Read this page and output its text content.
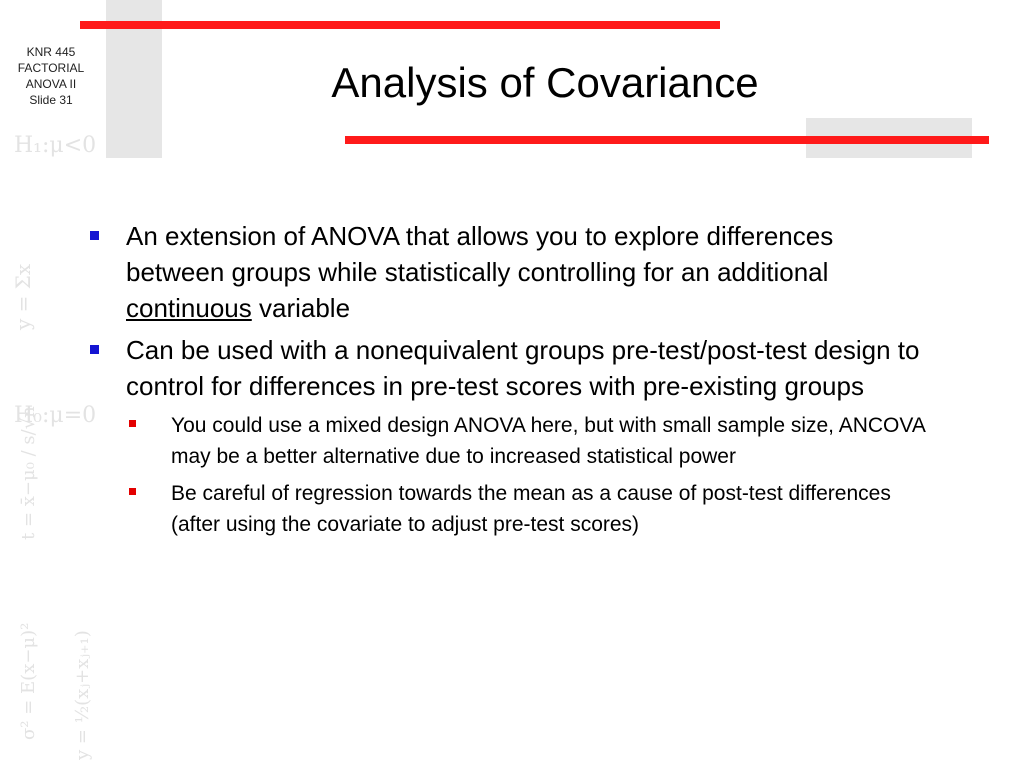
H₁:μ<0
y = Σx
H₀:μ=0
t = x̄−μ₀ / s/√n
σ² = E(x−μ)² y = ½(xⱼ+xⱼ₊₁)
KNR 445
FACTORIAL
ANOVA II
Slide 31	Analysis of Covariance
An extension of ANOVA that allows you to explore differences between groups while statistically controlling for an additional continuous variable
Can be used with a nonequivalent groups pre-test/post-test design to control for differences in pre-test scores with pre-existing groups
You could use a mixed design ANOVA here, but with small sample size, ANCOVA may be a better alternative due to increased statistical power
Be careful of regression towards the mean as a cause of post-test differences (after using the covariate to adjust pre-test scores)
